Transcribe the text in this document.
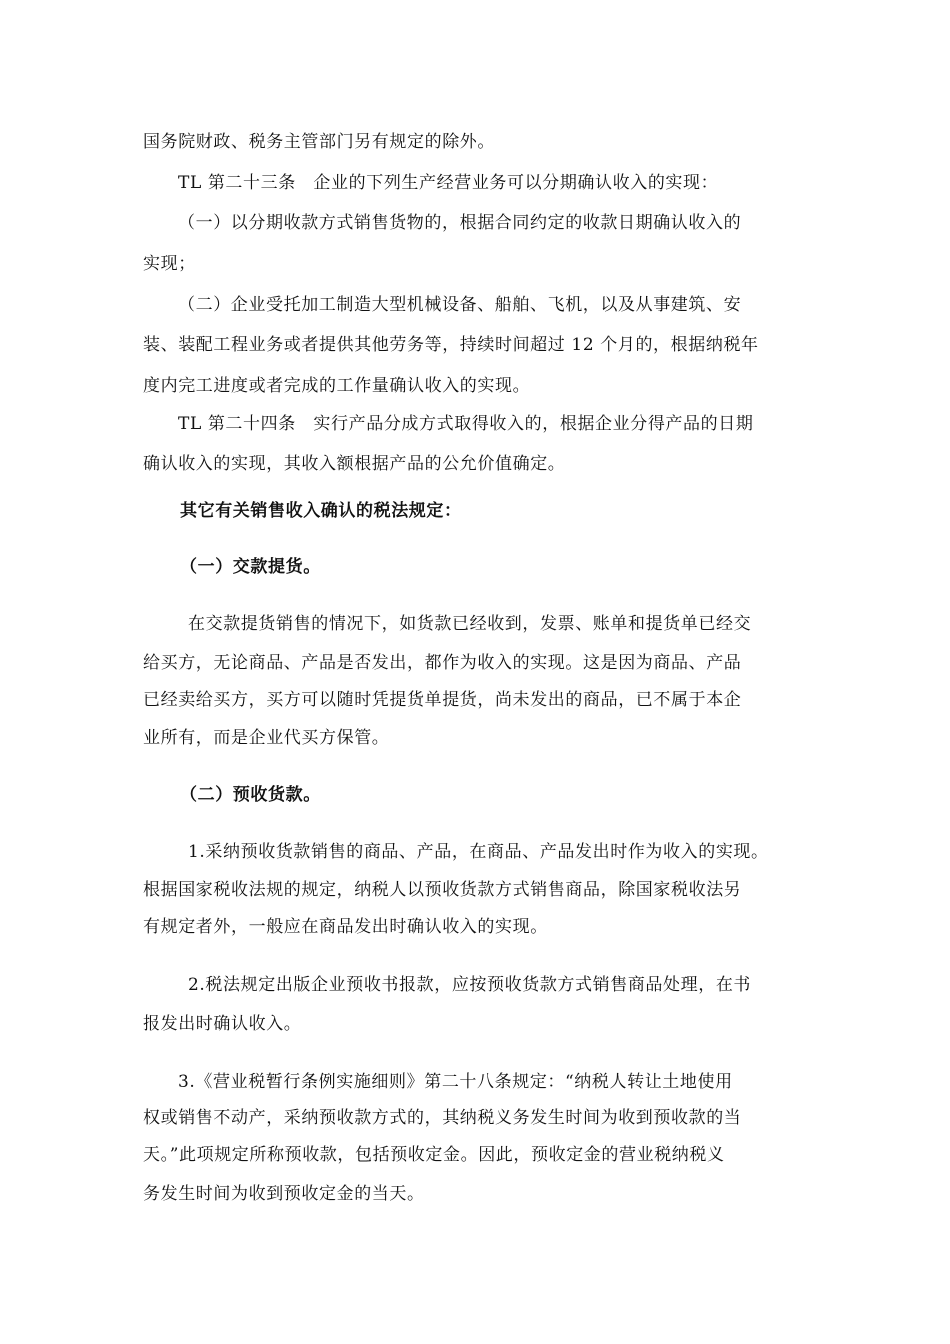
国务院财政、税务主管部门另有规定的除外。
TL 第二十三条　企业的下列生产经营业务可以分期确认收入的实现：
（一）以分期收款方式销售货物的，根据合同约定的收款日期确认收入的
实现；
（二）企业受托加工制造大型机械设备、船舶、飞机，以及从事建筑、安
装、装配工程业务或者提供其他劳务等，持续时间超过 12 个月的，根据纳税年
度内完工进度或者完成的工作量确认收入的实现。
TL 第二十四条　实行产品分成方式取得收入的，根据企业分得产品的日期
确认收入的实现，其收入额根据产品的公允价值确定。
其它有关销售收入确认的税法规定：
（一）交款提货。
在交款提货销售的情况下，如货款已经收到，发票、账单和提货单已经交
给买方，无论商品、产品是否发出，都作为收入的实现。这是因为商品、产品
已经卖给买方，买方可以随时凭提货单提货，尚未发出的商品，已不属于本企
业所有，而是企业代买方保管。
（二）预收货款。
1.采纳预收货款销售的商品、产品，在商品、产品发出时作为收入的实现。
根据国家税收法规的规定，纳税人以预收货款方式销售商品，除国家税收法另
有规定者外，一般应在商品发出时确认收入的实现。
2.税法规定出版企业预收书报款，应按预收货款方式销售商品处理，在书
报发出时确认收入。
3.《营业税暂行条例实施细则》第二十八条规定：“纳税人转让土地使用
权或销售不动产，采纳预收款方式的，其纳税义务发生时间为收到预收款的当
天。”此项规定所称预收款，包括预收定金。因此，预收定金的营业税纳税义
务发生时间为收到预收定金的当天。
